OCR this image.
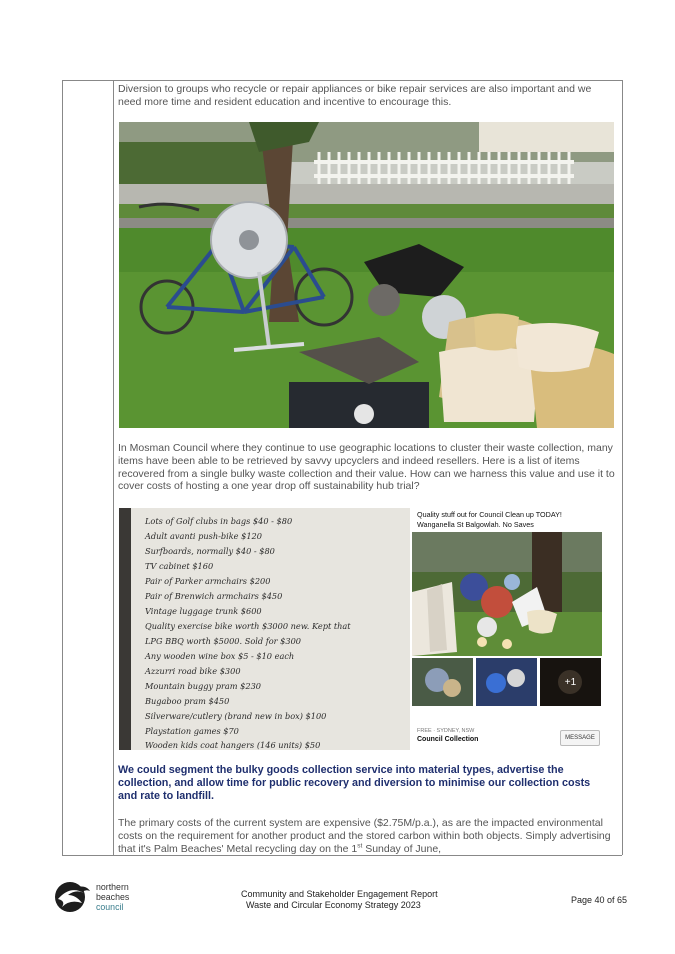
Diversion to groups who recycle or repair appliances or bike repair services are also important and we need more time and resident education and incentive to encourage this.

In Mosman Council where they continue to use geographic locations to cluster their waste collection, many items have been able to be retrieved by savvy upcyclers and indeed resellers. Here is a list of items recovered from a single bulky waste collection and their value. How can we harness this value and use it to cover costs of hosting a one year drop off sustainability hub trial?

Lots of Golf clubs in bags $40 - $80
Adult avanti push-bike $120
Surfboards, normally $40 - $80
TV cabinet $160
Pair of Parker armchairs $200
Pair of Brenwich armchairs $450
Vintage luggage trunk $600
Quality exercise bike worth $3000 new. Kept that
LPG BBQ worth $5000. Sold for $300
Any wooden wine box $5 - $10 each
Azzurri road bike $300
Mountain buggy pram $230
Bugaboo pram $450
Silverware/cutlery (brand new in box) $100
Playstation games $70
Wooden kids coat hangers (146 units) $50
Quality stuff out for Council Clean up TODAY!
Wanganella St Balgowlah. No Saves
+1
FREE · SYDNEY, NSW
Council Collection	MESSAGE

We could segment the bulky goods collection service into material types, advertise the collection, and allow time for public recovery and diversion to minimise our collection costs and rate to landfill.

The primary costs of the current system are expensive ($2.75M/p.a.), as are the impacted environmental costs on the requirement for another product and the stored carbon within both objects. Simply advertising that it's Palm Beaches' Metal recycling day on the 1st Sunday of June,

northern
beaches
council
Community and Stakeholder Engagement Report
Waste and Circular Economy Strategy 2023	Page 40 of 65
